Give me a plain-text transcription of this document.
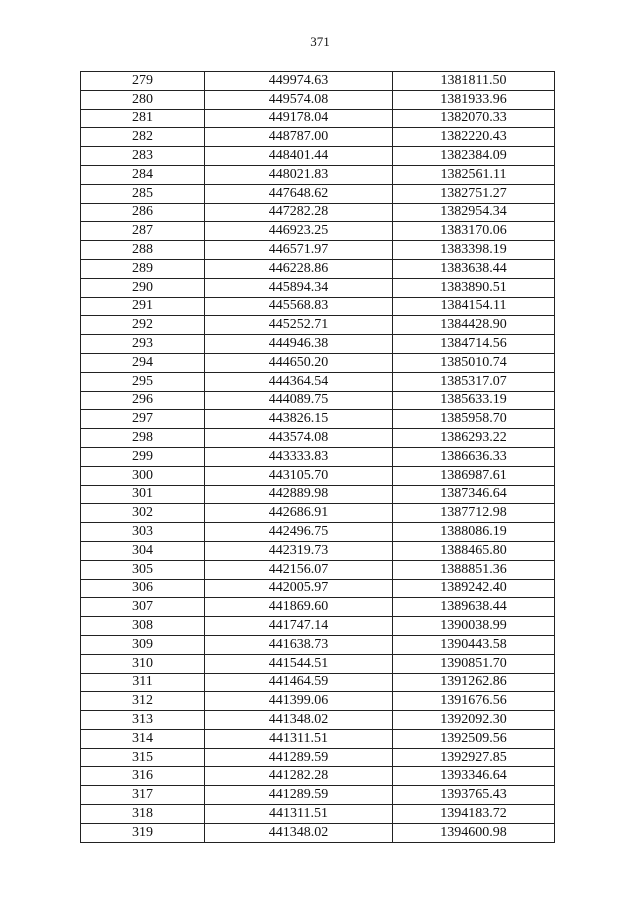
371
279	449974.63	1381811.50
280	449574.08	1381933.96
281	449178.04	1382070.33
282	448787.00	1382220.43
283	448401.44	1382384.09
284	448021.83	1382561.11
285	447648.62	1382751.27
286	447282.28	1382954.34
287	446923.25	1383170.06
288	446571.97	1383398.19
289	446228.86	1383638.44
290	445894.34	1383890.51
291	445568.83	1384154.11
292	445252.71	1384428.90
293	444946.38	1384714.56
294	444650.20	1385010.74
295	444364.54	1385317.07
296	444089.75	1385633.19
297	443826.15	1385958.70
298	443574.08	1386293.22
299	443333.83	1386636.33
300	443105.70	1386987.61
301	442889.98	1387346.64
302	442686.91	1387712.98
303	442496.75	1388086.19
304	442319.73	1388465.80
305	442156.07	1388851.36
306	442005.97	1389242.40
307	441869.60	1389638.44
308	441747.14	1390038.99
309	441638.73	1390443.58
310	441544.51	1390851.70
311	441464.59	1391262.86
312	441399.06	1391676.56
313	441348.02	1392092.30
314	441311.51	1392509.56
315	441289.59	1392927.85
316	441282.28	1393346.64
317	441289.59	1393765.43
318	441311.51	1394183.72
319	441348.02	1394600.98
